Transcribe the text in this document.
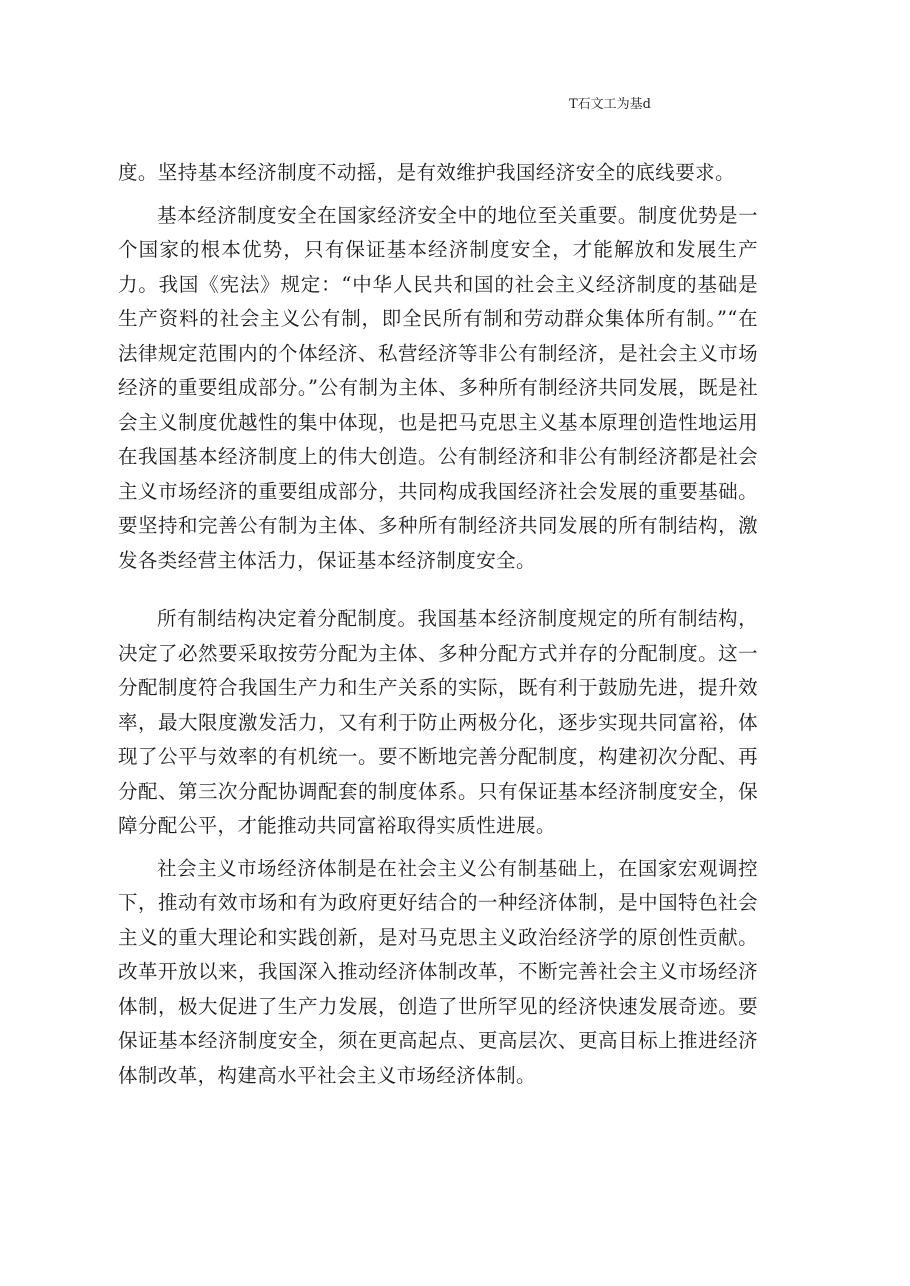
T石文工为基d

度。坚持基本经济制度不动摇，是有效维护我国经济安全的底线要求。

基本经济制度安全在国家经济安全中的地位至关重要。制度优势是一个国家的根本优势，只有保证基本经济制度安全，才能解放和发展生产力。我国《宪法》规定：“中华人民共和国的社会主义经济制度的基础是生产资料的社会主义公有制，即全民所有制和劳动群众集体所有制。”“在法律规定范围内的个体经济、私营经济等非公有制经济，是社会主义市场经济的重要组成部分。”公有制为主体、多种所有制经济共同发展，既是社会主义制度优越性的集中体现，也是把马克思主义基本原理创造性地运用在我国基本经济制度上的伟大创造。公有制经济和非公有制经济都是社会主义市场经济的重要组成部分，共同构成我国经济社会发展的重要基础。要坚持和完善公有制为主体、多种所有制经济共同发展的所有制结构，激发各类经营主体活力，保证基本经济制度安全。

所有制结构决定着分配制度。我国基本经济制度规定的所有制结构，决定了必然要采取按劳分配为主体、多种分配方式并存的分配制度。这一分配制度符合我国生产力和生产关系的实际，既有利于鼓励先进，提升效率，最大限度激发活力，又有利于防止两极分化，逐步实现共同富裕，体现了公平与效率的有机统一。要不断地完善分配制度，构建初次分配、再分配、第三次分配协调配套的制度体系。只有保证基本经济制度安全，保障分配公平，才能推动共同富裕取得实质性进展。

社会主义市场经济体制是在社会主义公有制基础上，在国家宏观调控下，推动有效市场和有为政府更好结合的一种经济体制，是中国特色社会主义的重大理论和实践创新，是对马克思主义政治经济学的原创性贡献。改革开放以来，我国深入推动经济体制改革，不断完善社会主义市场经济体制，极大促进了生产力发展，创造了世所罕见的经济快速发展奇迹。要保证基本经济制度安全，须在更高起点、更高层次、更高目标上推进经济体制改革，构建高水平社会主义市场经济体制。
